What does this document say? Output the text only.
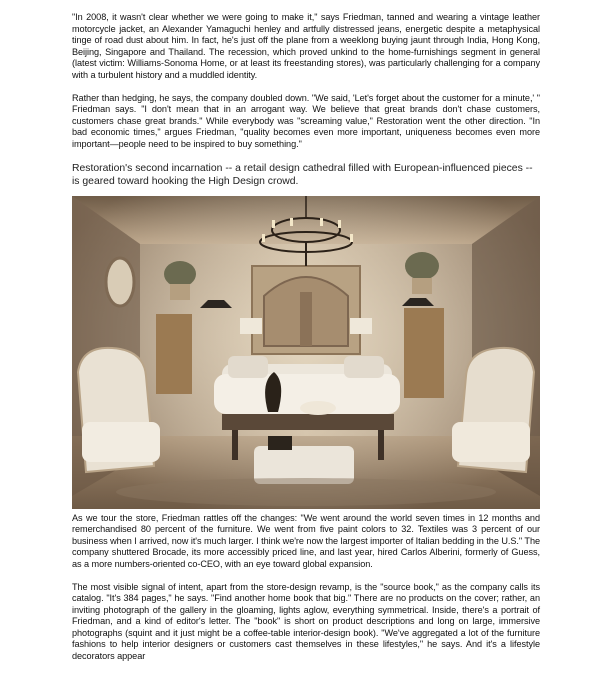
"In 2008, it wasn't clear whether we were going to make it," says Friedman, tanned and wearing a vintage leather motorcycle jacket, an Alexander Yamaguchi henley and artfully distressed jeans, energetic despite a metaphysical tinge of road dust about him. In fact, he's just off the plane from a weeklong buying jaunt through India, Hong Kong, Beijing, Singapore and Thailand. The recession, which proved unkind to the home-furnishings segment in general (latest victim: Williams-Sonoma Home, or at least its freestanding stores), was particularly challenging for a company with a turbulent history and a muddled identity.

Rather than hedging, he says, the company doubled down. "We said, 'Let's forget about the customer for a minute,' " Friedman says. "I don't mean that in an arrogant way. We believe that great brands don't chase customers, customers chase great brands." While everybody was "screaming value," Restoration went the other direction. "In bad economic times," argues Friedman, "quality becomes even more important, uniqueness becomes even more important—people need to be inspired to buy something."

Restoration's second incarnation -- a retail design cathedral filled with European-influenced pieces -- is geared toward hooking the High Design crowd.

As we tour the store, Friedman rattles off the changes: "We went around the world seven times in 12 months and remerchandised 80 percent of the furniture. We went from five paint colors to 32. Textiles was 3 percent of our business when I arrived, now it's much larger. I think we're now the largest importer of Italian bedding in the U.S." The company shuttered Brocade, its more accessibly priced line, and last year, hired Carlos Alberini, formerly of Guess, as a more numbers-oriented co-CEO, with an eye toward global expansion.

The most visible signal of intent, apart from the store-design revamp, is the "source book," as the company calls its catalog. "It's 384 pages," he says. "Find another home book that big." There are no products on the cover; rather, an inviting photograph of the gallery in the gloaming, lights aglow, everything symmetrical. Inside, there's a portrait of Friedman, and a kind of editor's letter. The "book" is short on product descriptions and long on large, immersive photographs (squint and it just might be a coffee-table interior-design book). "We've aggregated a lot of the furniture fashions to help interior designers or customers cast themselves in these lifestyles," he says. And it's a lifestyle decorators appear
